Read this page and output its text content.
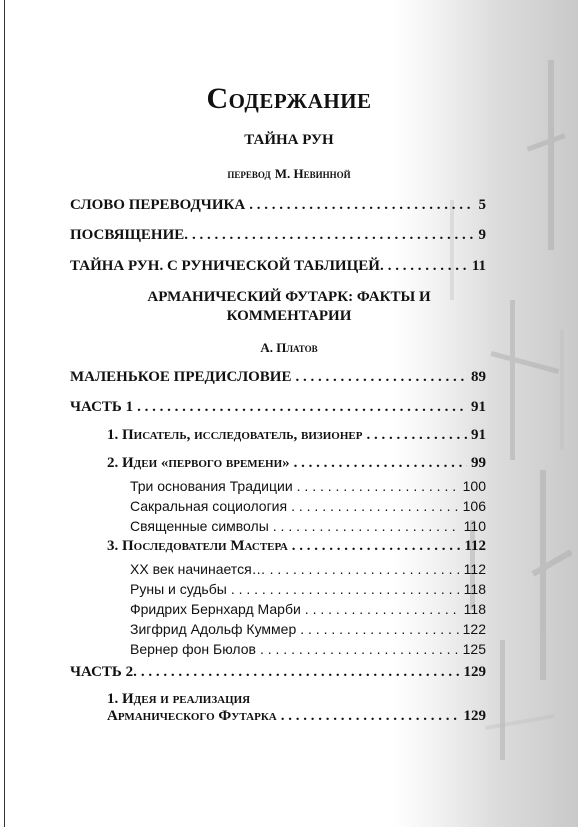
Содержание
ТАЙНА РУН
перевод М. Невинной
СЛОВО ПЕРЕВОДЧИКА . . .	5
ПОСВЯЩЕНИЕ. . . .	9
ТАЙНА РУН. С РУНИЧЕСКОЙ ТАБЛИЦЕЙ. . . .	11
АРМАНИЧЕСКИЙ ФУТАРК: ФАКТЫ И
КОММЕНТАРИИ
А. Платов
МАЛЕНЬКОЕ ПРЕДИСЛОВИЕ . . .	89
ЧАСТЬ 1 . . .	91
1. Писатель, исследователь, визионер . . .	91
2. Идеи «первого времени» . . .	99
Три основания Традиции . . .	100
Сакральная социология . . .	106
Священные символы . . .	110
3. Последователи Мастера . . .	112
XX век начинается… . . .	112
Руны и судьбы . . .	118
Фридрих Бернхард Марби . . .	118
Зигфрид Адольф Куммер . . .	122
Вернер фон Бюлов . . .	125
ЧАСТЬ 2. . . .	129
1. Идея и реализация
Арманического Футарка . . .	129
